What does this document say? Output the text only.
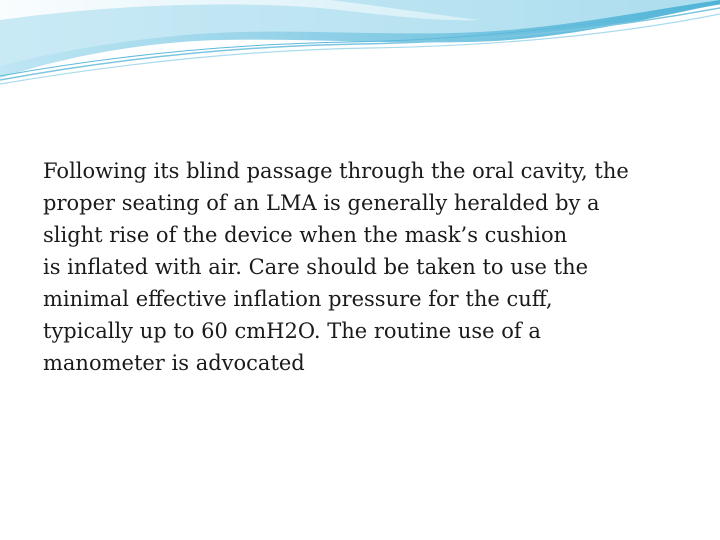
Following its blind passage through the oral cavity, the
proper seating of an LMA is generally heralded by a
slight rise of the device when the mask’s cushion
is inflated with air. Care should be taken to use the
minimal effective inflation pressure for the cuff,
typically up to 60 cmH2O. The routine use of a
manometer is advocated
